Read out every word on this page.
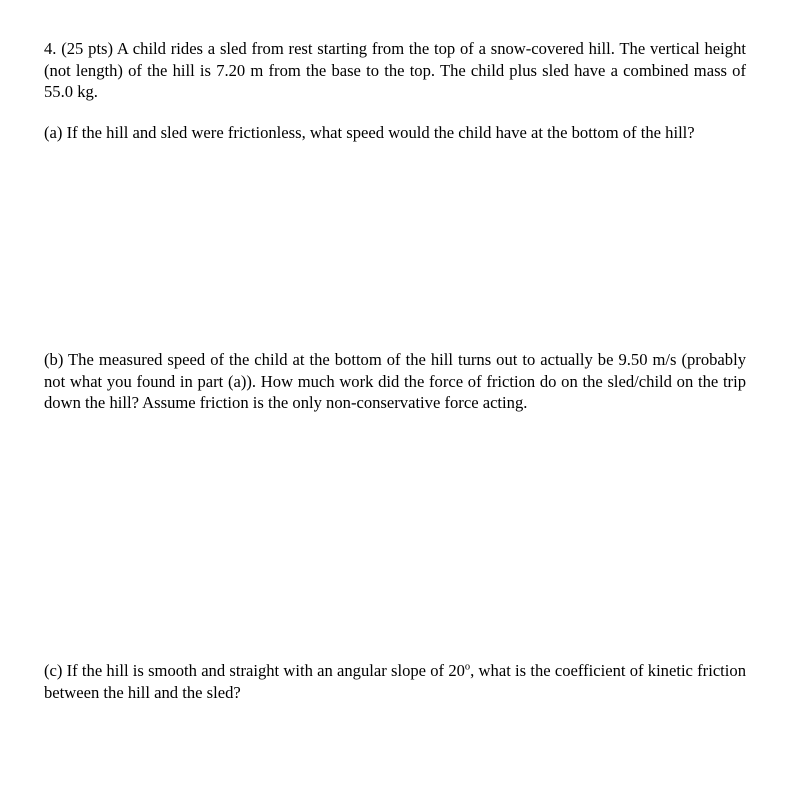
4. (25 pts) A child rides a sled from rest starting from the top of a snow-covered hill. The vertical height (not length) of the hill is 7.20 m from the base to the top. The child plus sled have a combined mass of 55.0 kg.

(a) If the hill and sled were frictionless, what speed would the child have at the bottom of the hill?

(b) The measured speed of the child at the bottom of the hill turns out to actually be 9.50 m/s (probably not what you found in part (a)). How much work did the force of friction do on the sled/child on the trip down the hill? Assume friction is the only non-conservative force acting.

(c) If the hill is smooth and straight with an angular slope of 20$^o$, what is the coefficient of kinetic friction between the hill and the sled?
